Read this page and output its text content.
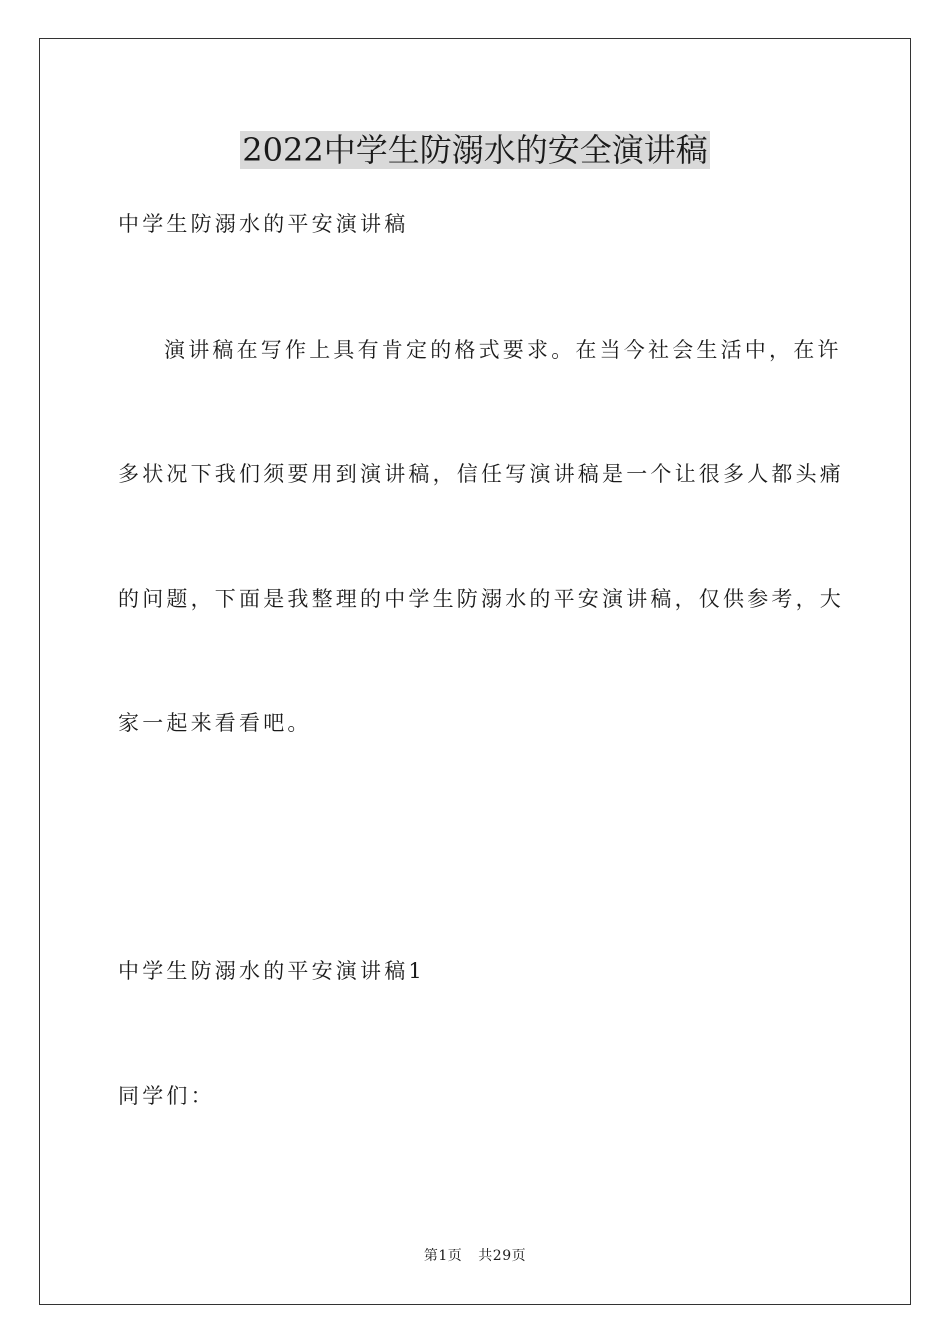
2022中学生防溺水的安全演讲稿
中学生防溺水的平安演讲稿
演讲稿在写作上具有肯定的格式要求。在当今社会生活中，在许
多状况下我们须要用到演讲稿，信任写演讲稿是一个让很多人都头痛
的问题，下面是我整理的中学生防溺水的平安演讲稿，仅供参考，大
家一起来看看吧。
中学生防溺水的平安演讲稿1
同学们：
第1页 共29页
